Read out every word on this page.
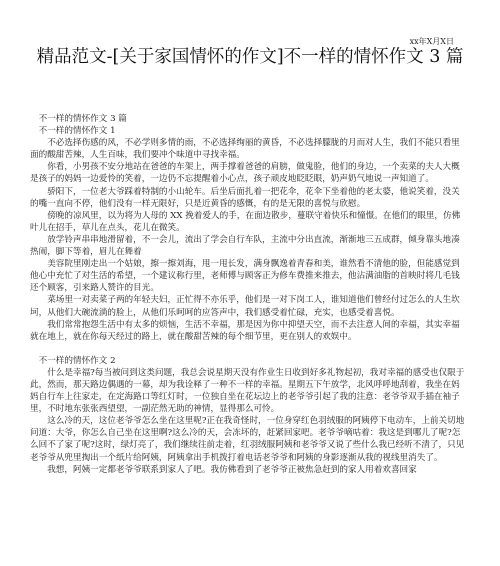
xx年X月X日
精品范文-[关于家国情怀的作文]不一样的情怀作文 3 篇

不一样的情怀作文 3 篇

不一样的情怀作文 1

不必选择伤感的风，不必学则多情的雨，不必选择绚丽的黄昏，不必选择朦胧的月而对人生，我们不能只看里面的酸甜苦辣，人生百味，我们要冲个味道中寻找幸福。

你看，小男孩不安分地站在爸爸的车架上，两手撑着爸爸的肩膀，做鬼脸，他们的身边，一个卖菜的夫人大概是孩子的妈妈一边爱怜的笑着，一边仍不忘提醒着小心点，孩子顽皮地眨眨眼，奶声奶气地说一声知道了。

骄阳下，一位老大爷踩着特制的小山轮车。后坐后面扎着一把花伞，花伞下坐着他的老太婆，他说笑着，没关的嘴一直向不停，他们没有一样无限好，只是近黄昏的感慨，有的是无限的喜悦与欣慰。

傍晚的凉风里，以为将为人母的 XX 挽着爱人的手，在面边散步，蔓联守着快乐和憧憬。在他们的眼里，仿佛叶儿在招手，草儿在点头，花儿在微笑。

放学铃声串串地滑留着，不一会儿，流出了学会自行车队，主流中分出直流，渐渐地三五成群，倾身靠头地凑热闹，脚下等着，眉儿在舞着

美容院里刚走出一个姑娘，擦一擦刘海，甩一甩长发，满身飘逸着青春和美，谁然看不清他的脸，但能感觉到他心中充忙了对生活的希望，一个建议称行里，老师傅与顾客正为修车费推来推去，他沾满油脂的首映时将几毛钱还个顾客，引来路人赞许的目光。

菜场里一对卖菜子两的年轻夫妇，正忙得不亦乐乎，他们是一对下岗工人，谁知道他们曾经付过怎么的人生坎坷，从他们大碗流淌的脸上，从他们乐呵呵的应答声中，我们感受着忙碌，充实，也感受着喜悦。

我们常常抱怨生活中有太多的烦恼，生活不幸福，那是因为你中抑望天空，而不去注意人间的幸福，其实幸福就在地上，就在你每天经过的路上，就在酸甜苦辣的每个细节里，更在别人的欢娱中。

不一样的情怀作文 2

什么是幸福?每当被问到这类问题，我总会说星期天没有作业生日收到好多礼物起初，我对幸福的感受也仅限于此，然而，那天路边偶遇的一幕，却为我诠释了一种不一样的幸福。星期五下午放学，北风呼呼地刮着，我坐在妈妈自行车上往家走，在定海路口等红灯时，一位独自坐在花坛边上的老爷爷引起了我的注意：老爷爷双手插在袖子里，不时地东张张西望望，一副茫然无助的神情，显得那么可怜。

这么冷的天，这位老爷爷怎么坐在这里呢?正在我奇怪时，一位身穿红色羽绒服的阿姨停下电动车，上前关切地问道：大爷，你怎么自己坐在这里啊?这么冷的天，会冻坏的，赶紧回家吧。老爷爷嘀咕着：我这是到哪儿了呢?怎么回不了家了呢?这时，绿灯亮了，我们继续往前走着，红羽绒服阿姨和老爷爷又说了些什么我已经听不清了，只见老爷爷从兜里掏出一个纸片给阿姨，阿姨拿出手机拨打着电话老爷爷和阿姨的身影逐渐从我的视线里消失了。

我想，阿姨一定都老爷爷联系到家人了吧。我仿佛看到了老爷爷正被焦急赶到的家人用着欢喜回家
